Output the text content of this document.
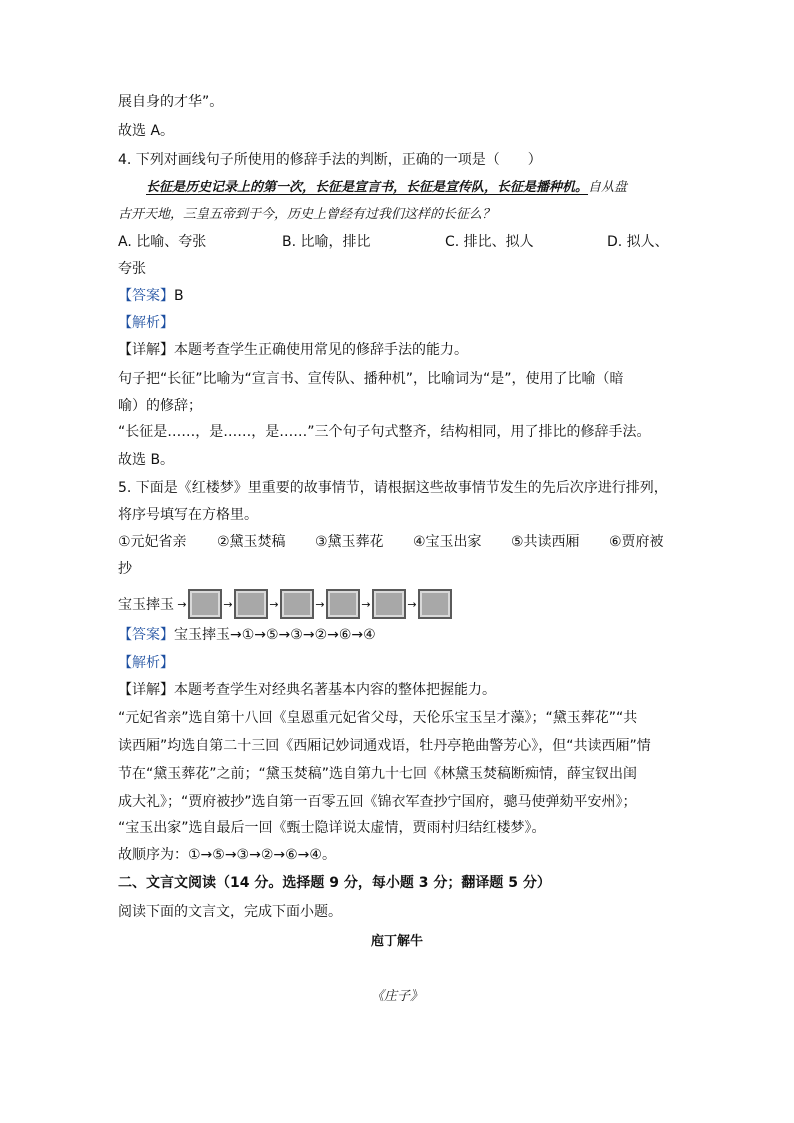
展自身的才华”。
故选 A。
4. 下列对画线句子所使用的修辞手法的判断，正确的一项是（　　）
长征是历史记录上的第一次，长征是宣言书，长征是宣传队，长征是播种机。自从盘
古开天地，三皇五帝到于今，历史上曾经有过我们这样的长征么？
A. 比喻、夸张	B. 比喻，排比	C. 排比、拟人	D. 拟人、
夸张
【答案】B
【解析】
【详解】本题考查学生正确使用常见的修辞手法的能力。
句子把“长征”比喻为“宣言书、宣传队、播种机”，比喻词为“是”，使用了比喻（暗
喻）的修辞；
“长征是……，是……，是……”三个句子句式整齐，结构相同，用了排比的修辞手法。
故选 B。
5. 下面是《红楼梦》里重要的故事情节，请根据这些故事情节发生的先后次序进行排列，
将序号填写在方格里。
①元妃省亲 ②黛玉焚稿 ③黛玉葬花 ④宝玉出家 ⑤共读西厢 ⑥贾府被
抄
宝玉摔玉 →	→	→	→	→	→
【答案】宝玉摔玉→①→⑤→③→②→⑥→④
【解析】
【详解】本题考查学生对经典名著基本内容的整体把握能力。
“元妃省亲”选自第十八回《皇恩重元妃省父母，天伦乐宝玉呈才藻》；“黛玉葬花”“共
读西厢”均选自第二十三回《西厢记妙词通戏语，牡丹亭艳曲警芳心》，但“共读西厢”情
节在“黛玉葬花”之前；“黛玉焚稿”选自第九十七回《林黛玉焚稿断痴情，薛宝钗出闺
成大礼》；“贾府被抄”选自第一百零五回《锦衣军查抄宁国府，骢马使弹劾平安州》；
“宝玉出家”选自最后一回《甄士隐详说太虚情，贾雨村归结红楼梦》。
故顺序为：①→⑤→③→②→⑥→④。
二、文言文阅读（14 分。选择题 9 分，每小题 3 分；翻译题 5 分）
阅读下面的文言文，完成下面小题。
庖丁解牛
《庄子》
